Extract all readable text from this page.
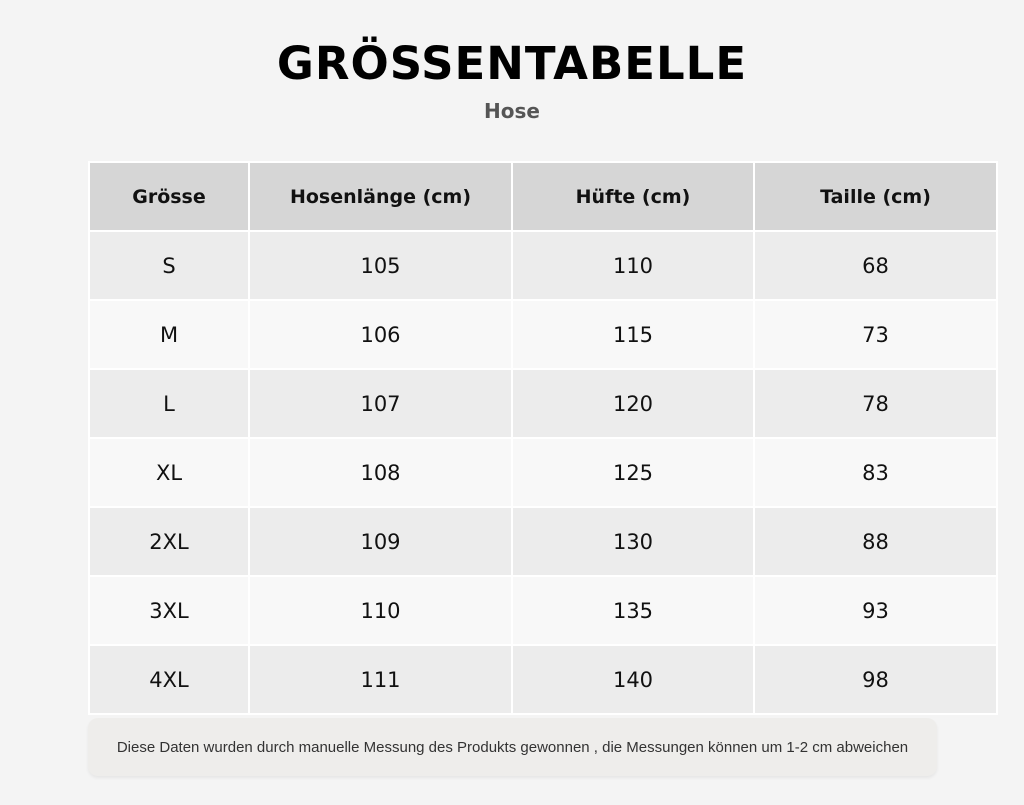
GRÖSSENTABELLE
Hose
Grösse	Hosenlänge (cm)	Hüfte (cm)	Taille (cm)
S	105	110	68
M	106	115	73
L	107	120	78
XL	108	125	83
2XL	109	130	88
3XL	110	135	93
4XL	111	140	98
Diese Daten wurden durch manuelle Messung des Produkts gewonnen , die Messungen können um 1-2 cm abweichen
